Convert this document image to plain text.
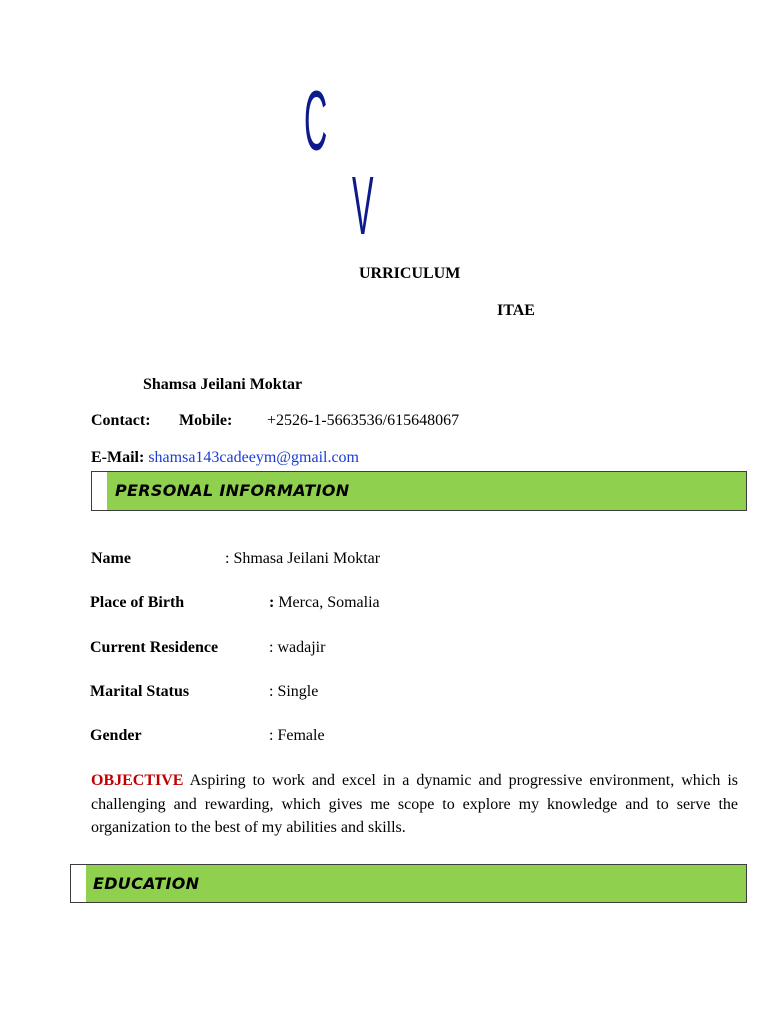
C
V
URRICULUM
ITAE
Shamsa Jeilani Moktar
Contact: Mobile: +2526-1-5663536/615648067
E-Mail: shamsa143cadeeym@gmail.com
PERSONAL INFORMATION
Name	: Shmasa Jeilani Moktar
Place of Birth	: Merca, Somalia
Current Residence	: wadajir
Marital Status	: Single
Gender	: Female
OBJECTIVE Aspiring to work and excel in a dynamic and progressive environment, which is challenging and rewarding, which gives me scope to explore my knowledge and to serve the organization to the best of my abilities and skills.
EDUCATION
